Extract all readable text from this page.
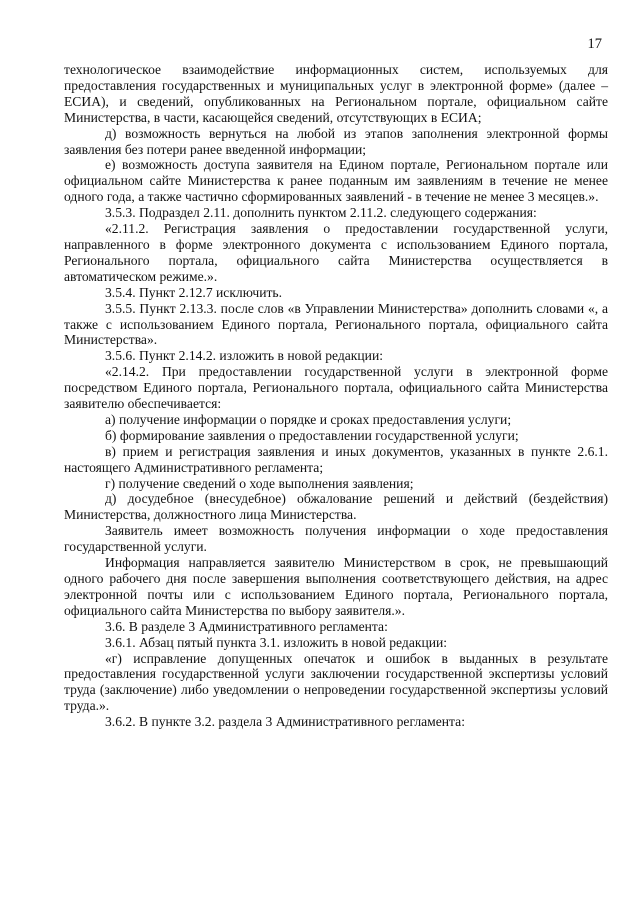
17

технологическое взаимодействие информационных систем, используемых для предоставления государственных и муниципальных услуг в электронной форме» (далее – ЕСИА), и сведений, опубликованных на Региональном портале, официальном сайте Министерства, в части, касающейся сведений, отсутствующих в ЕСИА;

д) возможность вернуться на любой из этапов заполнения электронной формы заявления без потери ранее введенной информации;

е) возможность доступа заявителя на Едином портале, Региональном портале или официальном сайте Министерства к ранее поданным им заявлениям в течение не менее одного года, а также частично сформированных заявлений - в течение не менее 3 месяцев.».

3.5.3. Подраздел 2.11. дополнить пунктом 2.11.2. следующего содержания:

«2.11.2. Регистрация заявления о предоставлении государственной услуги, направленного в форме электронного документа с использованием Единого портала, Регионального портала, официального сайта Министерства осуществляется в автоматическом режиме.».

3.5.4. Пункт 2.12.7 исключить.

3.5.5. Пункт 2.13.3. после слов «в Управлении Министерства» дополнить словами «, а также с использованием Единого портала, Регионального портала, официального сайта Министерства».

3.5.6. Пункт 2.14.2. изложить в новой редакции:

«2.14.2. При предоставлении государственной услуги в электронной форме посредством Единого портала, Регионального портала, официального сайта Министерства заявителю обеспечивается:

а) получение информации о порядке и сроках предоставления услуги;

б) формирование заявления о предоставлении государственной услуги;

в) прием и регистрация заявления и иных документов, указанных в пункте 2.6.1. настоящего Административного регламента;

г) получение сведений о ходе выполнения заявления;

д) досудебное (внесудебное) обжалование решений и действий (бездействия) Министерства, должностного лица Министерства.

Заявитель имеет возможность получения информации о ходе предоставления государственной услуги.

Информация направляется заявителю Министерством в срок, не превышающий одного рабочего дня после завершения выполнения соответствующего действия, на адрес электронной почты или с использованием Единого портала, Регионального портала, официального сайта Министерства по выбору заявителя.».

3.6. В разделе 3 Административного регламента:

3.6.1. Абзац пятый пункта 3.1. изложить в новой редакции:

«г) исправление допущенных опечаток и ошибок в выданных в результате предоставления государственной услуги заключении государственной экспертизы условий труда (заключение) либо уведомлении о непроведении государственной экспертизы условий труда.».

3.6.2. В пункте 3.2. раздела 3 Административного регламента:
